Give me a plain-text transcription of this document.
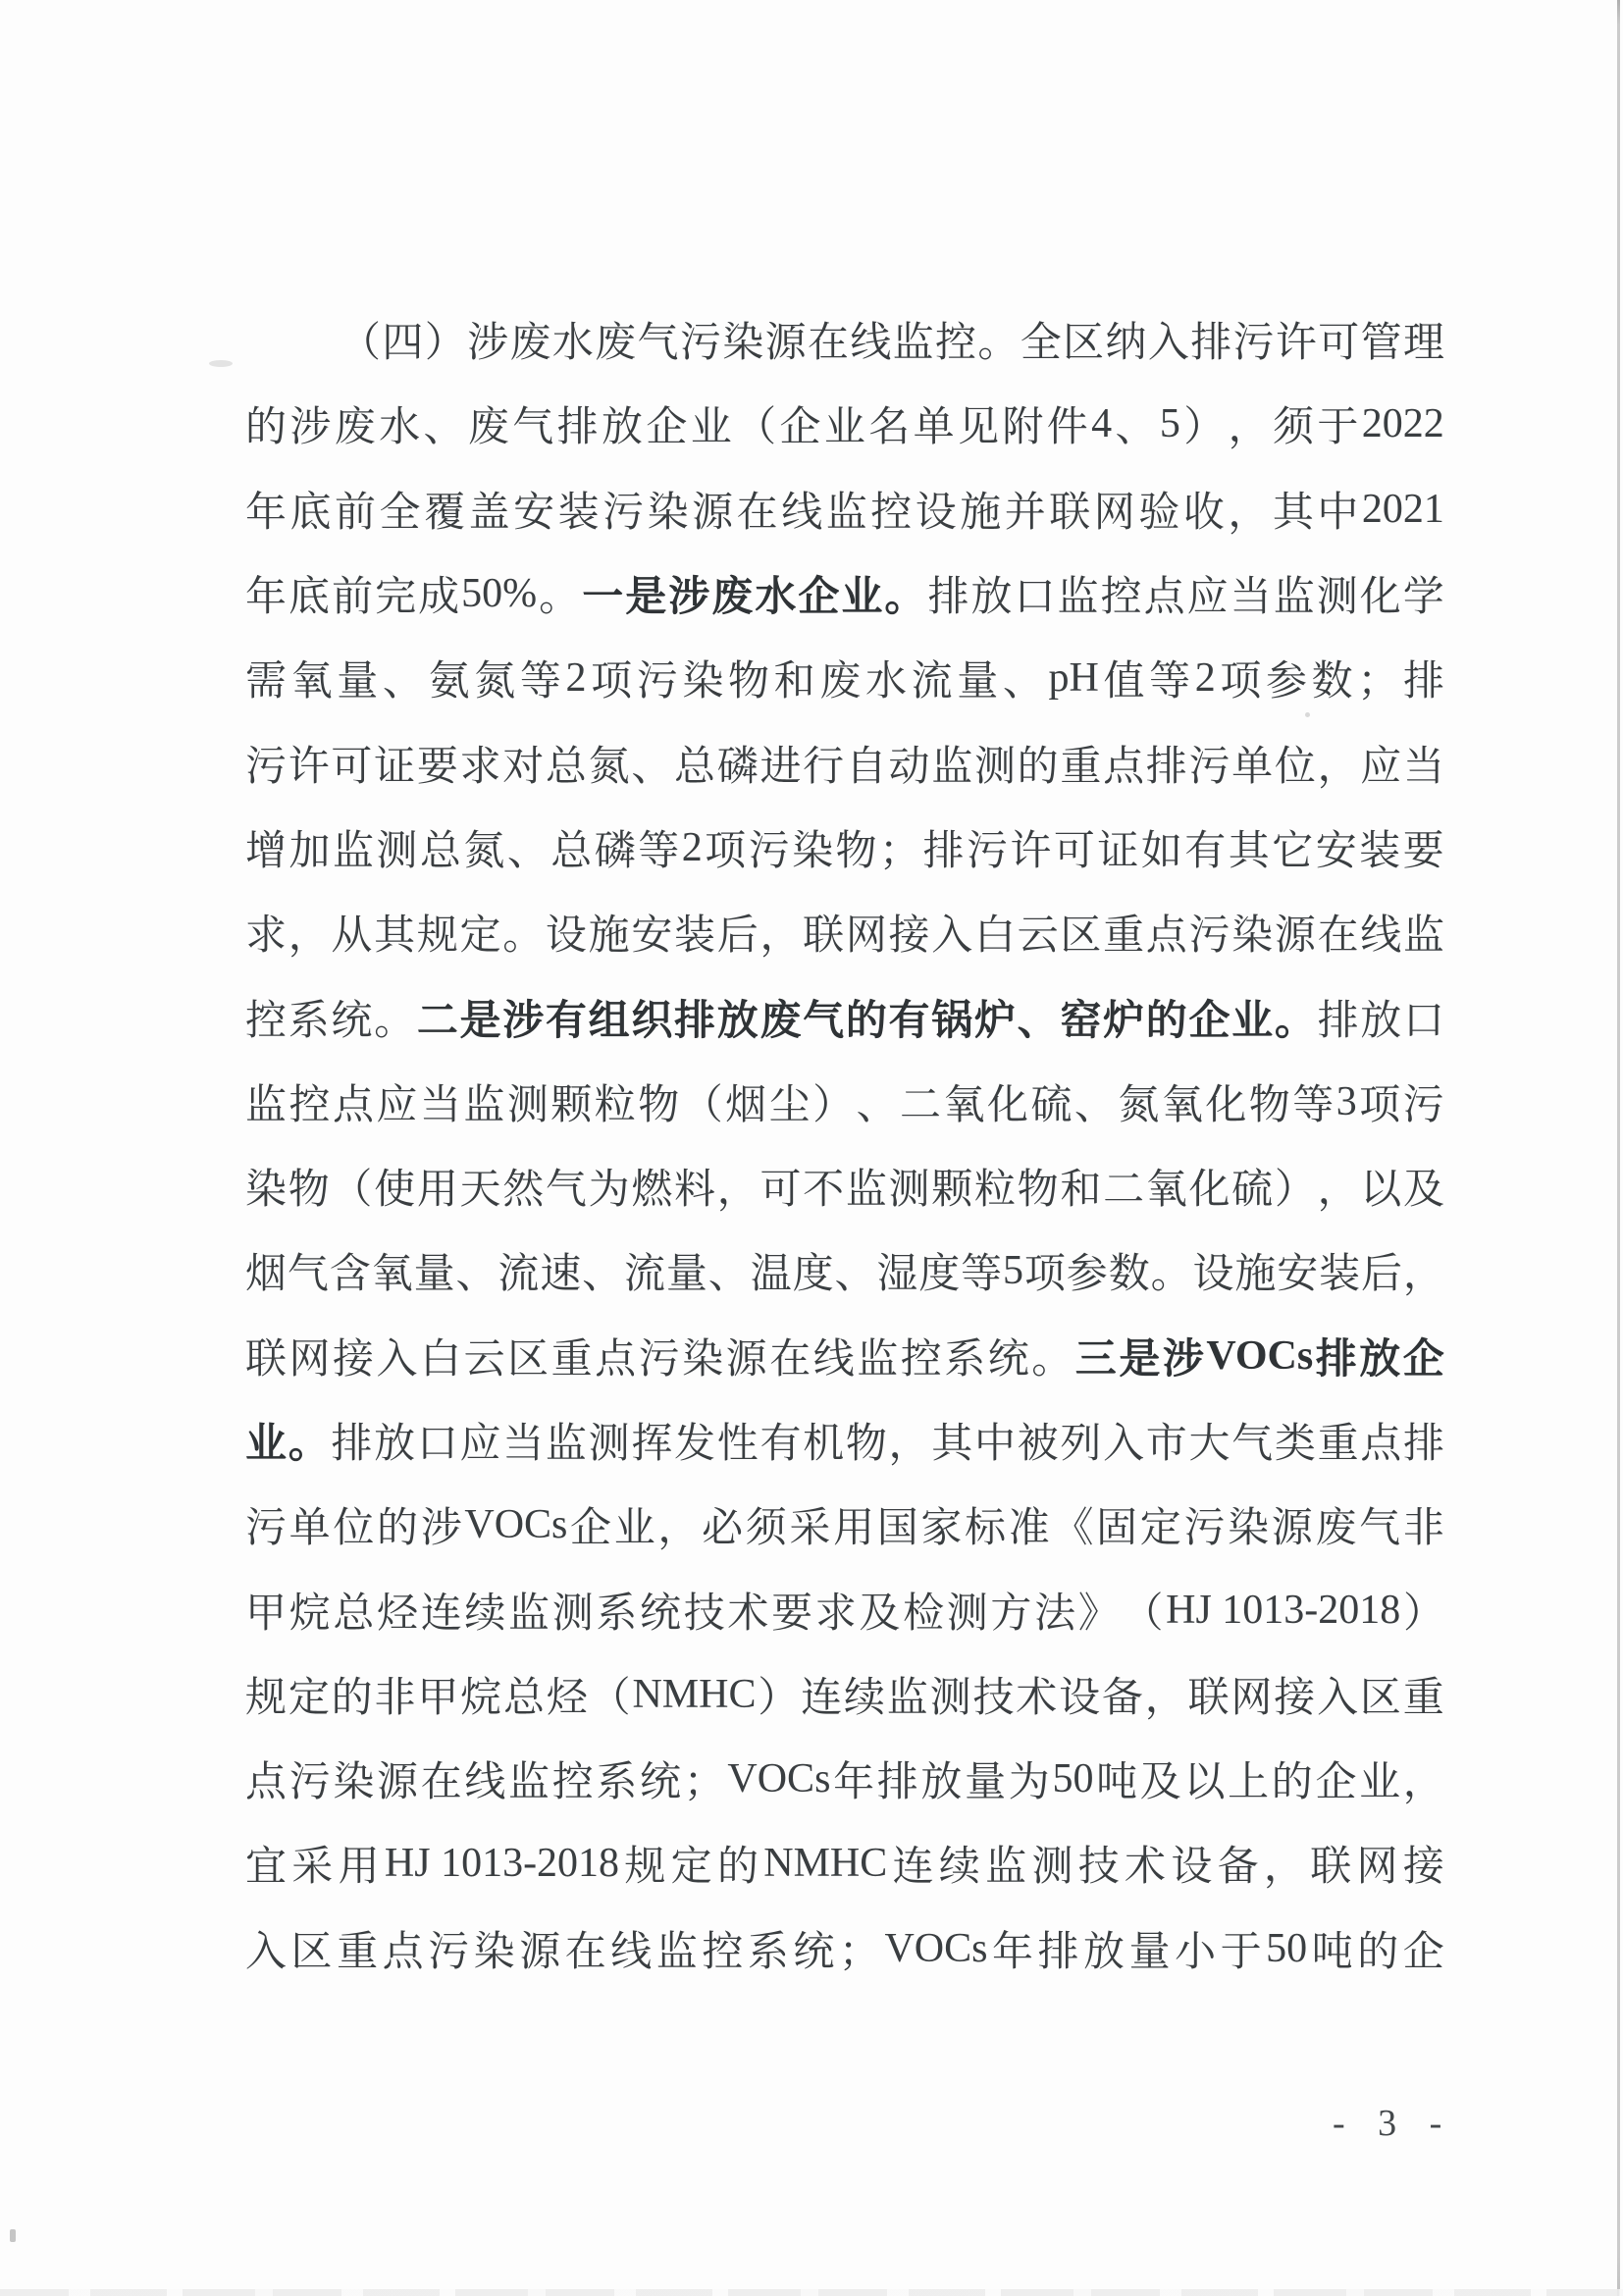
（ 四 ） 涉 废 水 废 气 污 染 源 在 线 监 控 。 全 区 纳 入 排 污 许 可 管 理
的 涉 废 水 、 废 气 排 放 企 业 （ 企 业 名 单 见 附 件 4 、 5 ） ， 须 于 2022
年 底 前 全 覆 盖 安 装 污 染 源 在 线 监 控 设 施 并 联 网 验 收 ， 其 中 2021
年 底 前 完 成 50% 。 一 是 涉 废 水 企 业 。 排 放 口 监 控 点 应 当 监 测 化 学
需 氧 量 、 氨 氮 等 2 项 污 染 物 和 废 水 流 量 、 pH 值 等 2 项 参 数 ； 排
污 许 可 证 要 求 对 总 氮 、 总 磷 进 行 自 动 监 测 的 重 点 排 污 单 位 ， 应 当
增 加 监 测 总 氮 、 总 磷 等 2 项 污 染 物 ； 排 污 许 可 证 如 有 其 它 安 装 要
求 ， 从 其 规 定 。 设 施 安 装 后 ， 联 网 接 入 白 云 区 重 点 污 染 源 在 线 监
控 系 统 。 二 是 涉 有 组 织 排 放 废 气 的 有 锅 炉 、 窑 炉 的 企 业 。 排 放 口
监 控 点 应 当 监 测 颗 粒 物 （ 烟 尘 ） 、 二 氧 化 硫 、 氮 氧 化 物 等 3 项 污
染 物 （ 使 用 天 然 气 为 燃 料 ， 可 不 监 测 颗 粒 物 和 二 氧 化 硫 ） ， 以 及
烟 气 含 氧 量 、 流 速 、 流 量 、 温 度 、 湿 度 等 5 项 参 数 。 设 施 安 装 后 ，
联 网 接 入 白 云 区 重 点 污 染 源 在 线 监 控 系 统 。 三 是 涉 VOCs 排 放 企
业 。 排 放 口 应 当 监 测 挥 发 性 有 机 物 ， 其 中 被 列 入 市 大 气 类 重 点 排
污 单 位 的 涉 VOCs 企 业 ， 必 须 采 用 国 家 标 准 《 固 定 污 染 源 废 气 非
甲 烷 总 烃 连 续 监 测 系 统 技 术 要 求 及 检 测 方 法 》 （ HJ 1013-2018 ）
规 定 的 非 甲 烷 总 烃 （ NMHC ） 连 续 监 测 技 术 设 备 ， 联 网 接 入 区 重
点 污 染 源 在 线 监 控 系 统 ； VOCs 年 排 放 量 为 50 吨 及 以 上 的 企 业 ，
宜 采 用 HJ 1013-2018 规 定 的 NMHC 连 续 监 测 技 术 设 备 ， 联 网 接
入 区 重 点 污 染 源 在 线 监 控 系 统 ； VOCs 年 排 放 量 小 于 50 吨 的 企
- 3 -
